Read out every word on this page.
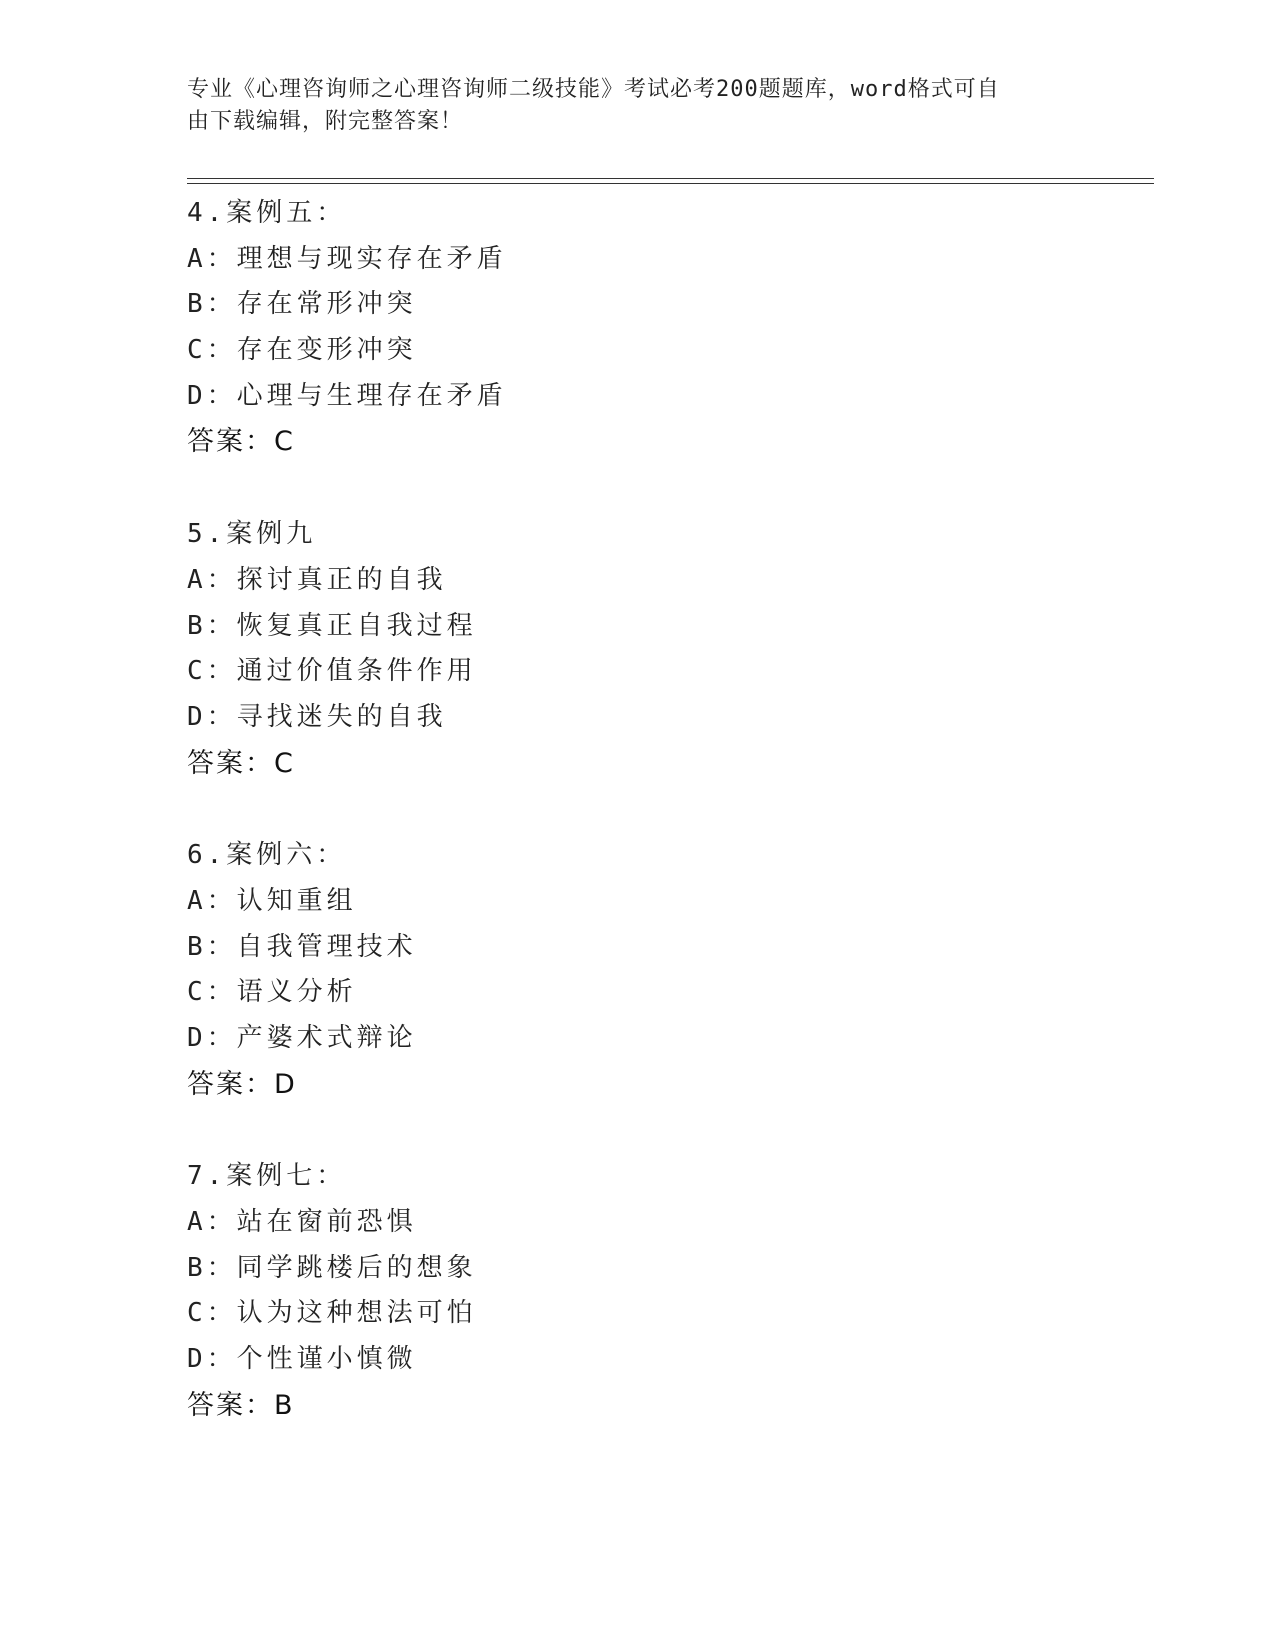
专业《心理咨询师之心理咨询师二级技能》考试必考200题题库，word格式可自
由下载编辑，附完整答案！
4.案例五：
A：理想与现实存在矛盾
B：存在常形冲突
C：存在变形冲突
D：心理与生理存在矛盾
答案：C
5.案例九
A：探讨真正的自我
B：恢复真正自我过程
C：通过价值条件作用
D：寻找迷失的自我
答案：C
6.案例六：
A：认知重组
B：自我管理技术
C：语义分析
D：产婆术式辩论
答案：D
7.案例七：
A：站在窗前恐惧
B：同学跳楼后的想象
C：认为这种想法可怕
D：个性谨小慎微
答案：B
